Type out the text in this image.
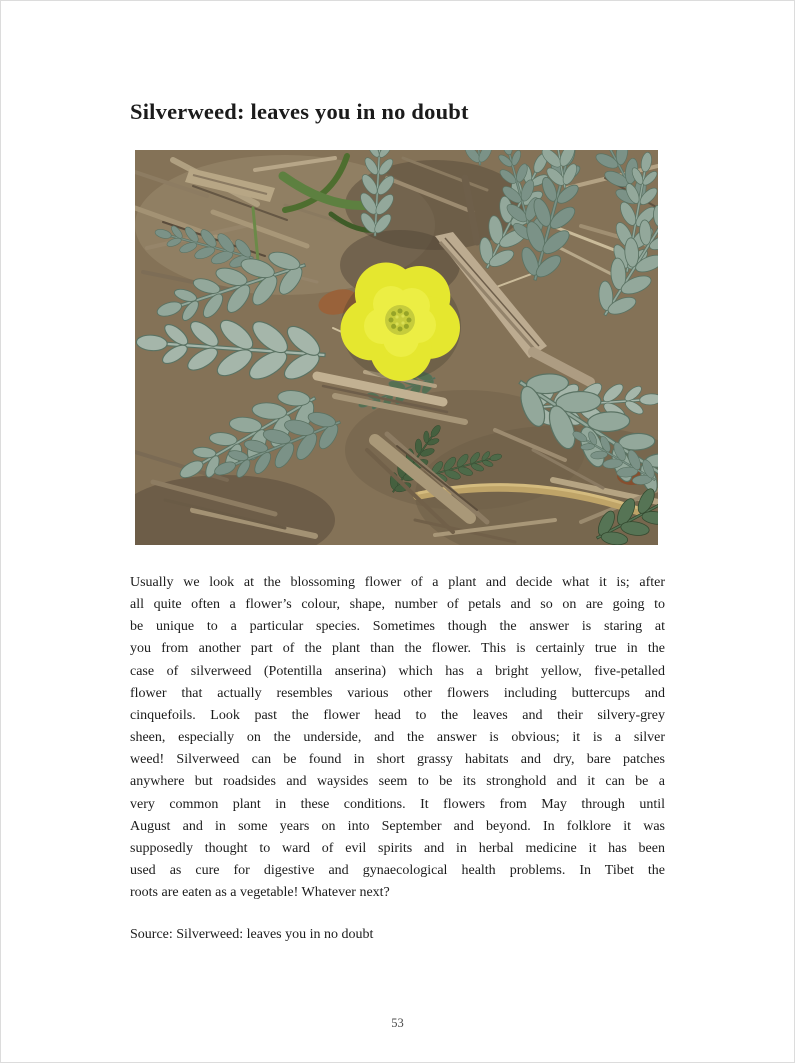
Silverweed: leaves you in no doubt
Usually we look at the blossoming flower of a plant and decide what it is; after
all quite often a flower’s colour, shape, number of petals and so on are going to
be unique to a particular species. Sometimes though the answer is staring at
you from another part of the plant than the flower. This is certainly true in the
case of silverweed (Potentilla anserina) which has a bright yellow, five-petalled
flower that actually resembles various other flowers including buttercups and
cinquefoils. Look past the flower head to the leaves and their silvery-grey
sheen, especially on the underside, and the answer is obvious; it is a silver
weed! Silverweed can be found in short grassy habitats and dry, bare patches
anywhere but roadsides and waysides seem to be its stronghold and it can be a
very common plant in these conditions. It flowers from May through until
August and in some years on into September and beyond. In folklore it was
supposedly thought to ward of evil spirits and in herbal medicine it has been
used as cure for digestive and gynaecological health problems. In Tibet the
roots are eaten as a vegetable! Whatever next?

Source: Silverweed: leaves you in no doubt

53
